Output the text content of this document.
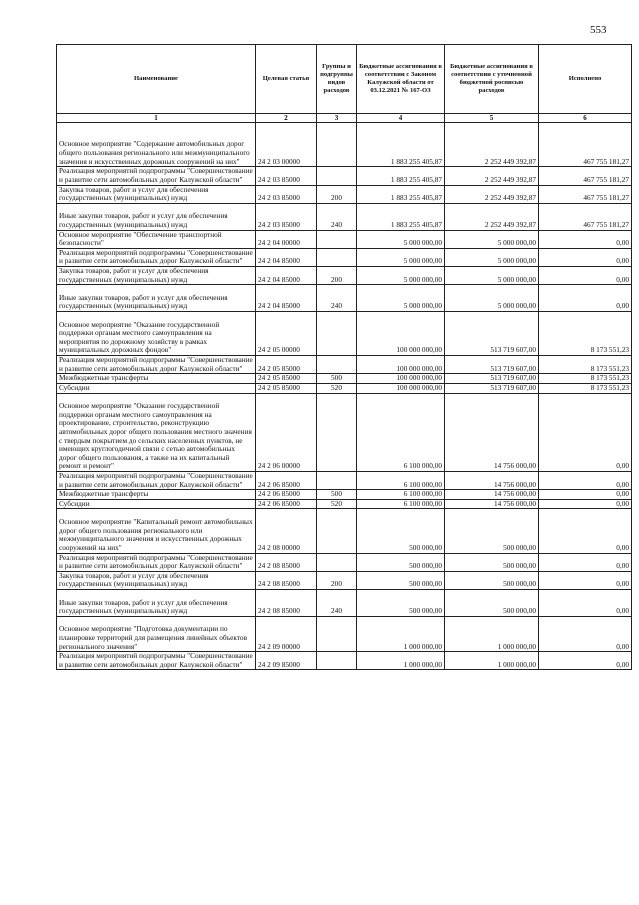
553
Наименование	Целевая статья	Группы и подгруппы видов расходов	Бюджетные ассигнования в соответствии с Законом Калужской области от 03.12.2021 № 167-ОЗ	Бюджетные ассигнования в соответствии с уточненной бюджетной росписью расходов	Исполнено
1	2	3	4	5	6

Основное мероприятие "Содержание автомобильных дорог общего пользования регионального или межмуниципального значения и искусственных дорожных сооружений на них"	24 2 03 00000		1 883 255 405,87	2 252 449 392,87	467 755 181,27
Реализация мероприятий подпрограммы "Совершенствование и развитие сети автомобильных дорог Калужской области"	24 2 03 85000		1 883 255 405,87	2 252 449 392,87	467 755 181,27
Закупка товаров, работ и услуг для обеспечения государственных (муниципальных) нужд	24 2 03 85000	200	1 883 255 405,87	2 252 449 392,87	467 755 181,27

Иные закупки товаров, работ и услуг для обеспечения государственных (муниципальных) нужд	24 2 03 85000	240	1 883 255 405,87	2 252 449 392,87	467 755 181,27
Основное мероприятие "Обеспечение транспортной безопасности"	24 2 04 00000		5 000 000,00	5 000 000,00	0,00
Реализация мероприятий подпрограммы "Совершенствование и развитие сети автомобильных дорог Калужской области"	24 2 04 85000		5 000 000,00	5 000 000,00	0,00
Закупка товаров, работ и услуг для обеспечения государственных (муниципальных) нужд	24 2 04 85000	200	5 000 000,00	5 000 000,00	0,00

Иные закупки товаров, работ и услуг для обеспечения государственных (муниципальных) нужд	24 2 04 85000	240	5 000 000,00	5 000 000,00	0,00

Основное мероприятие "Оказание государственной поддержки органам местного самоуправления на мероприятия по дорожному хозяйству в рамках муниципальных дорожных фондов"	24 2 05 00000		100 000 000,00	513 719 607,00	8 173 551,23
Реализация мероприятий подпрограммы "Совершенствование и развитие сети автомобильных дорог Калужской области"	24 2 05 85000		100 000 000,00	513 719 607,00	8 173 551,23
Межбюджетные трансферты	24 2 05 85000	500	100 000 000,00	513 719 607,00	8 173 551,23
Субсидии	24 2 05 85000	520	100 000 000,00	513 719 607,00	8 173 551,23

Основное мероприятие "Оказание государственной поддержки органам местного самоуправления на проектирование, строительство, реконструкцию автомобильных дорог общего пользования местного значения с твердым покрытием до сельских населенных пунктов, не имеющих круглогодичной связи с сетью автомобильных дорог общего пользования, а также на их капитальный ремонт и ремонт"	24 2 06 00000		6 100 000,00	14 756 000,00	0,00
Реализация мероприятий подпрограммы "Совершенствование и развитие сети автомобильных дорог Калужской области"	24 2 06 85000		6 100 000,00	14 756 000,00	0,00
Межбюджетные трансферты	24 2 06 85000	500	6 100 000,00	14 756 000,00	0,00
Субсидии	24 2 06 85000	520	6 100 000,00	14 756 000,00	0,00

Основное мероприятие "Капитальный ремонт автомобильных дорог общего пользования регионального или межмуниципального значения и искусственных дорожных сооружений на них"	24 2 08 00000		500 000,00	500 000,00	0,00
Реализация мероприятий подпрограммы "Совершенствование и развитие сети автомобильных дорог Калужской области"	24 2 08 85000		500 000,00	500 000,00	0,00
Закупка товаров, работ и услуг для обеспечения государственных (муниципальных) нужд	24 2 08 85000	200	500 000,00	500 000,00	0,00

Иные закупки товаров, работ и услуг для обеспечения государственных (муниципальных) нужд	24 2 08 85000	240	500 000,00	500 000,00	0,00

Основное мероприятие "Подготовка документации по планировке территорий для размещения линейных объектов регионального значения"	24 2 09 00000		1 000 000,00	1 000 000,00	0,00
Реализация мероприятий подпрограммы "Совершенствование и развитие сети автомобильных дорог Калужской области"	24 2 09 85000		1 000 000,00	1 000 000,00	0,00
